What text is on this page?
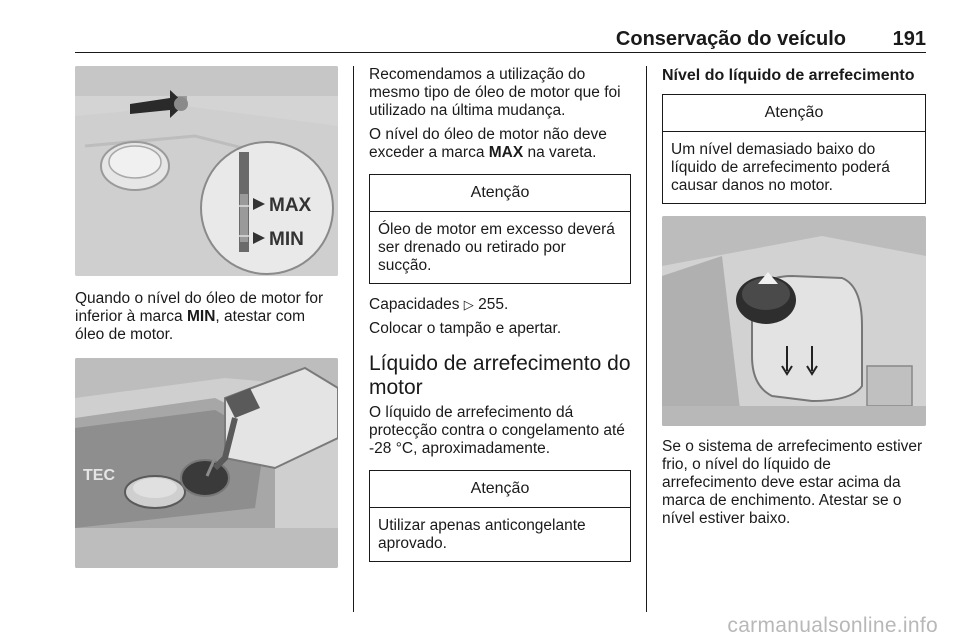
Conservação do veículo 191
MAX
MIN

Quando o nível do óleo de motor for inferior à marca MIN, atestar com óleo de motor.

TEC

Recomendamos a utilização do mesmo tipo de óleo de motor que foi utilizado na última mudança.

O nível do óleo de motor não deve exceder a marca MAX na vareta.

Atenção
Óleo de motor em excesso deverá ser drenado ou retirado por sucção.

Capacidades ▷ 255.

Colocar o tampão e apertar.

Líquido de arrefecimento do motor

O líquido de arrefecimento dá protecção contra o congelamento até -28 °C, aproximadamente.

Atenção
Utilizar apenas anticongelante aprovado.
Nível do líquido de arrefecimento
Atenção
Um nível demasiado baixo do líquido de arrefecimento poderá causar danos no motor.

Se o sistema de arrefecimento estiver frio, o nível do líquido de arrefecimento deve estar acima da marca de enchimento. Atestar se o nível estiver baixo.

carmanualsonline.info
